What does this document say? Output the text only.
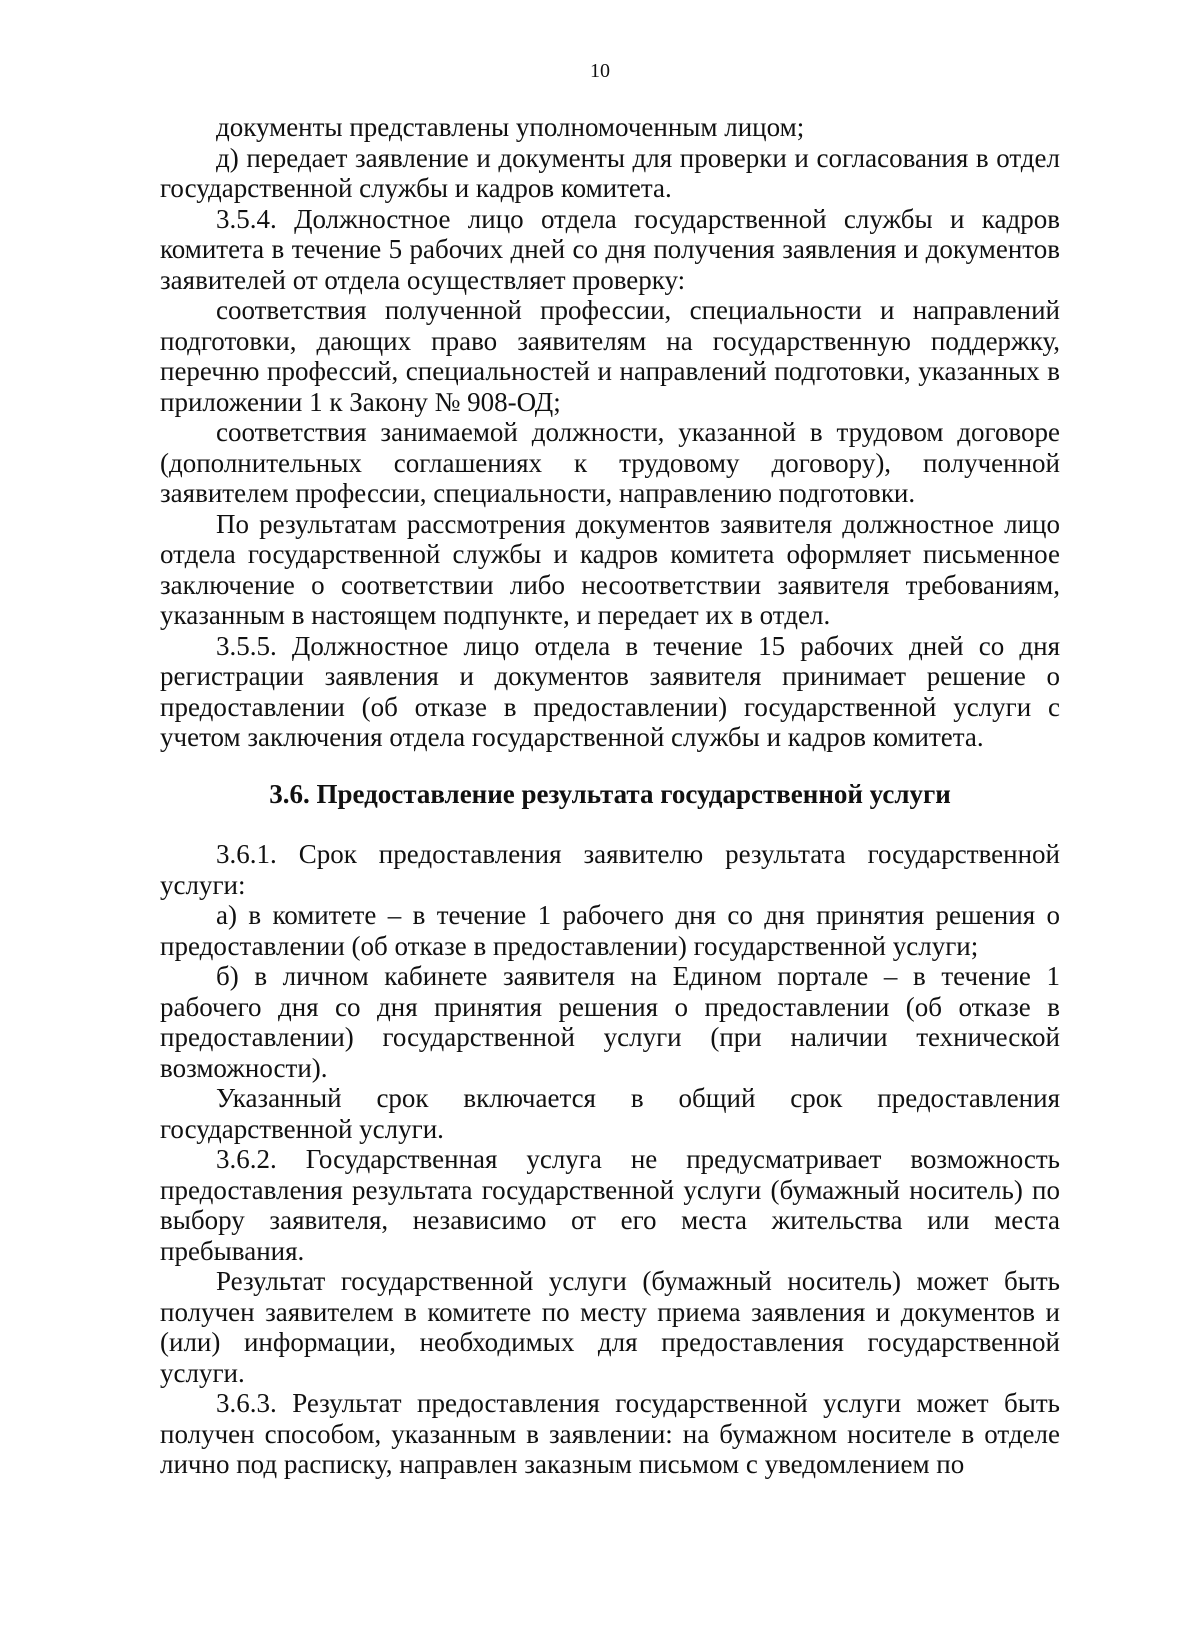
10

документы представлены уполномоченным лицом;

д) передает заявление и документы для проверки и согласования в отдел государственной службы и кадров комитета.

3.5.4. Должностное лицо отдела государственной службы и кадров комитета в течение 5 рабочих дней со дня получения заявления и документов заявителей от отдела осуществляет проверку:

соответствия полученной профессии, специальности и направлений подготовки, дающих право заявителям на государственную поддержку, перечню профессий, специальностей и направлений подготовки, указанных в приложении 1 к Закону № 908-ОД;

соответствия занимаемой должности, указанной в трудовом договоре (дополнительных соглашениях к трудовому договору), полученной заявителем профессии, специальности, направлению подготовки.

По результатам рассмотрения документов заявителя должностное лицо отдела государственной службы и кадров комитета оформляет письменное заключение о соответствии либо несоответствии заявителя требованиям, указанным в настоящем подпункте, и передает их в отдел.

3.5.5. Должностное лицо отдела в течение 15 рабочих дней со дня регистрации заявления и документов заявителя принимает решение о предоставлении (об отказе в предоставлении) государственной услуги с учетом заключения отдела государственной службы и кадров комитета.

3.6. Предоставление результата государственной услуги

3.6.1. Срок предоставления заявителю результата государственной услуги:

а) в комитете – в течение 1 рабочего дня со дня принятия решения о предоставлении (об отказе в предоставлении) государственной услуги;

б) в личном кабинете заявителя на Едином портале – в течение 1 рабочего дня со дня принятия решения о предоставлении (об отказе в предоставлении) государственной услуги (при наличии технической возможности).

Указанный срок включается в общий срок предоставления государственной услуги.

3.6.2. Государственная услуга не предусматривает возможность предоставления результата государственной услуги (бумажный носитель) по выбору заявителя, независимо от его места жительства или места пребывания.

Результат государственной услуги (бумажный носитель) может быть получен заявителем в комитете по месту приема заявления и документов и (или) информации, необходимых для предоставления государственной услуги.

3.6.3. Результат предоставления государственной услуги может быть получен способом, указанным в заявлении: на бумажном носителе в отделе лично под расписку, направлен заказным письмом с уведомлением по
